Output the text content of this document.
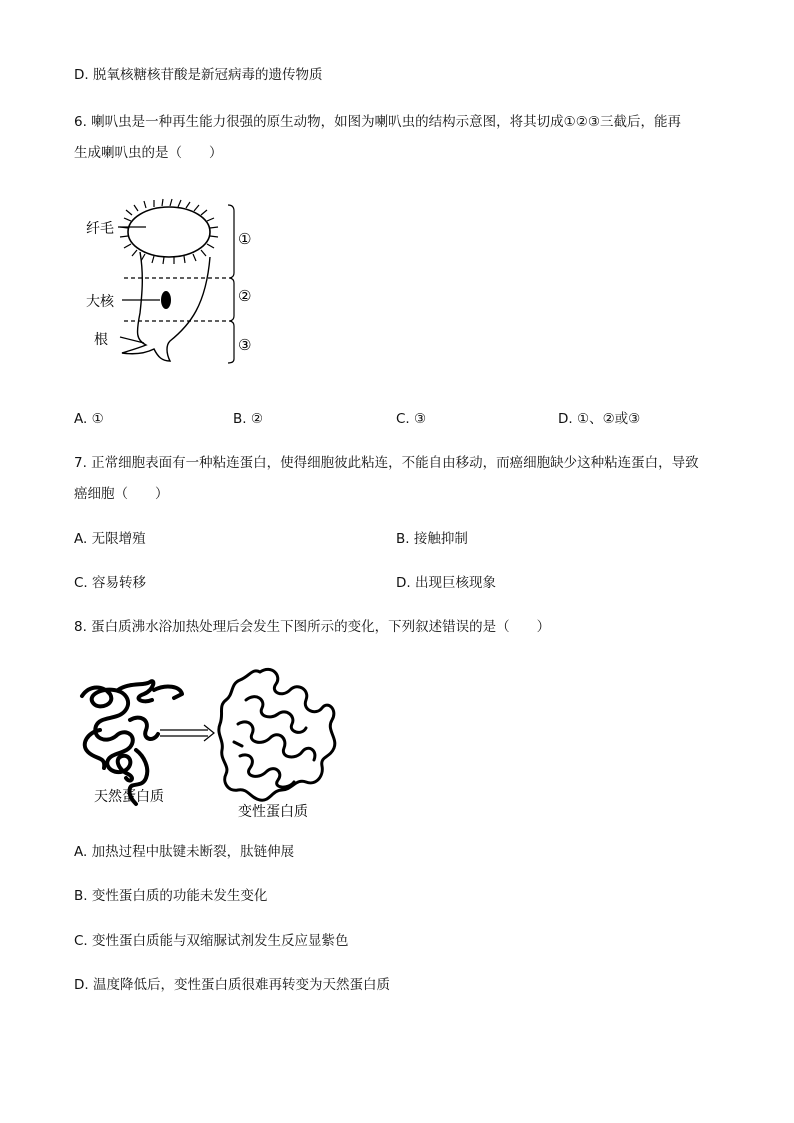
D. 脱氧核糖核苷酸是新冠病毒的遗传物质
6. 喇叭虫是一种再生能力很强的原生动物，如图为喇叭虫的结构示意图，将其切成①②③三截后，能再
生成喇叭虫的是（　　）
纤毛
大核
根
①
②
③
A. ①	B. ②	C. ③	D. ①、②或③
7. 正常细胞表面有一种粘连蛋白，使得细胞彼此粘连，不能自由移动，而癌细胞缺少这种粘连蛋白，导致
癌细胞（　　）
A. 无限增殖	B. 接触抑制
C. 容易转移	D. 出现巨核现象
8. 蛋白质沸水浴加热处理后会发生下图所示的变化，下列叙述错误的是（　　）
天然蛋白质
变性蛋白质
A. 加热过程中肽键未断裂，肽链伸展
B. 变性蛋白质的功能未发生变化
C. 变性蛋白质能与双缩脲试剂发生反应显紫色
D. 温度降低后，变性蛋白质很难再转变为天然蛋白质
